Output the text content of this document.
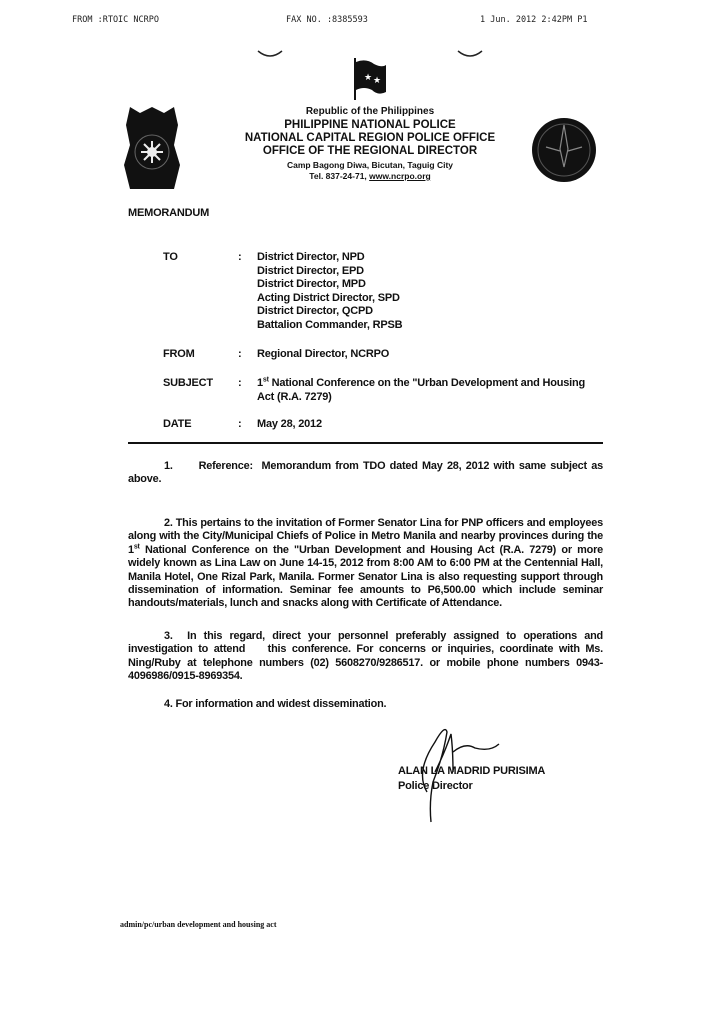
FROM :RTOIC NCRPO	FAX NO. :8385593	1 Jun. 2012 2:42PM P1
★ ★
Republic of the Philippines
PHILIPPINE NATIONAL POLICE
NATIONAL CAPITAL REGION POLICE OFFICE
OFFICE OF THE REGIONAL DIRECTOR
Camp Bagong Diwa, Bicutan, Taguig City
Tel. 837-24-71, www.ncrpo.org
MEMORANDUM
TO	: District Director, NPD
District Director, EPD
District Director, MPD
Acting District Director, SPD
District Director, QCPD
Battalion Commander, RPSB
FROM	: Regional Director, NCRPO
SUBJECT : 1st National Conference on the "Urban Development and Housing Act (R.A. 7279)
DATE	: May 28, 2012
1.      Reference:  Memorandum from TDO dated May 28, 2012 with same subject as above.
2. This pertains to the invitation of Former Senator Lina for PNP officers and employees along with the City/Municipal Chiefs of Police in Metro Manila and nearby provinces during the 1st National Conference on the "Urban Development and Housing Act (R.A. 7279) or more widely known as Lina Law on June 14-15, 2012 from 8:00 AM to 6:00 PM at the Centennial Hall, Manila Hotel, One Rizal Park, Manila. Former Senator Lina is also requesting support through dissemination of information. Seminar fee amounts to P6,500.00 which include seminar handouts/materials, lunch and snacks along with Certificate of Attendance.
3.  In this regard, direct your personnel preferably assigned to operations and investigation to attend    this conference. For concerns or inquiries, coordinate with Ms. Ning/Ruby at telephone numbers (02) 5608270/9286517. or mobile phone numbers 0943-4096986/0915-8969354.
4. For information and widest dissemination.
ALAN LA MADRID PURISIMA
Police Director
admin/pc/urban development and housing act
